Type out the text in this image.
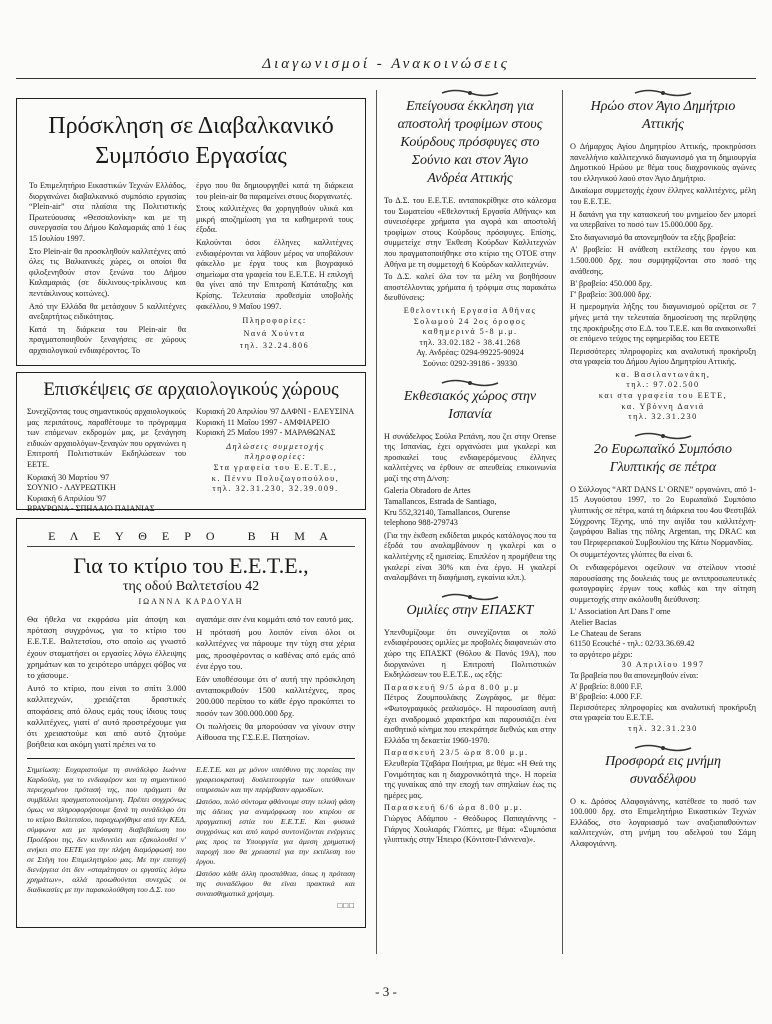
Διαγωνισμοί - Ανακοινώσεις

Πρόσκληση σε Διαβαλκανικό

Συμπόσιο Εργασίας

Το Επιμελητήριο Εικαστικών Τεχνών Ελλάδος, διοργανώνει διαβαλκανικό συμπόσιο εργασίας “Plein-air” στα πλαίσια της Πολιτιστικής Πρωτεύουσας «Θεσσαλονίκη» και με τη συνεργασία του Δήμου Καλαμαριάς από 1 έως 15 Ιουλίου 1997.

Στο Plein-air θα προσκληθούν καλλιτέχνες από όλες τις Βαλκανικές χώρες, οι οποίοι θα φιλοξενηθούν στον ξενώνα του Δήμου Καλαμαριάς (σε δίκλινους-τρίκλινους και πεντάκλινους κοιτώνες).

Από την Ελλάδα θα μετάσχουν 5 καλλιτέχνες ανεξαρτήτως ειδικότητας.

Κατά τη διάρκεια του Plein-air θα πραγματοποιηθούν ξεναγήσεις σε χώρους αρχαιολογικού ενδιαφέροντος. Το

έργο που θα δημιουργηθεί κατά τη διάρκεια του plein-air θα παραμείνει στους διοργανωτές.

Στους καλλιτέχνες θα χορηγηθούν υλικά και μικρή αποζημίωση για τα καθημερινά τους έξοδα.

Καλούνται όσοι έλληνες καλλιτέχνες ενδιαφέρονται να λάβουν μέρος να υποβάλουν φάκελλο με έργα τους και βιογραφικό σημείωμα στα γραφεία του Ε.Ε.Τ.Ε. Η επιλογή θα γίνει από την Επιτροπή Κατάταξης και Κρίσης. Τελευταία προθεσμία υποβολής φακέλλου, 9 Μαΐου 1997.

Πληροφορίες:

Νανά Χούντα

τηλ. 32.24.806

Επισκέψεις σε αρχαιολογικούς χώρους

Συνεχίζοντας τους σημαντικούς αρχαιολογικούς μας περιπάτους, παραθέτουμε το πρόγραμμα των επόμενων εκδρομών μας, με ξενάγηση ειδικών αρχαιολόγων-ξεναγών που οργανώνει η Επιτροπή Πολιτιστικών Εκδηλώσεων του ΕΕΤΕ.

Κυριακή 30 Μαρτίου '97

ΣΟΥΝΙΟ - ΛΑΥΡΕΩΤΙΚΗ

Κυριακή 6 Απριλίου '97

ΒΡΑΥΡΩΝΑ - ΣΠΗΛΑΙΟ ΠΑΙΑΝΙΑΣ

Κυριακή 20 Απριλίου '97 ΔΑΦΝΙ - ΕΛΕΥΣΙΝΑ

Κυριακή 11 Μαΐου 1997 - ΑΜΦΙΑΡΕΙΟ

Κυριακή 25 Μαΐου 1997 - ΜΑΡΑΘΩΝΑΣ

Δηλώσεις συμμετοχής

πληροφορίες:

Στα γραφεία του Ε.Ε.Τ.Ε.,

κ. Πέννυ Πολυζωγοπούλου,

τηλ. 32.31.230, 32.39.009.

Ε Λ Ε Υ Θ Ε Ρ Ο   Β Η Μ Α

Για το κτίριο του Ε.Ε.Τ.Ε.,

της οδού Βαλτετσίου 42

ΙΩΑΝΝΑ ΚΑΡΔΟΥΛΗ

Θα ήθελα να εκφράσω μία άποψη και πρόταση συγχρόνως, για το κτίριο του Ε.Ε.Τ.Ε. Βαλτετσίου, στο οποίο ως γνωστό έχουν σταματήσει οι εργασίες λόγω έλλειψης χρημάτων και το χειρότερο υπάρχει φόβος να το χάσουμε.

Αυτό το κτίριο, που είναι το σπίτι 3.000 καλλιτεχνών, χρειάζεται δραστικές αποφάσεις από όλους εμάς τους ίδιους τους καλλιτέχνες, γιατί σ' αυτό προστρέχουμε για ότι χρειαστούμε και από αυτό ζητούμε βοήθεια και ακόμη γιατί πρέπει να το

αγαπάμε σαν ένα κομμάτι από τον εαυτό μας.

Η πρότασή μου λοιπόν είναι όλοι οι καλλιτέχνες να πάρουμε την τύχη στα χέρια μας, προσφέροντας ο καθένας από εμάς από ένα έργο του.

Εάν υποθέσουμε ότι σ' αυτή την πρόσκληση ανταποκριθούν 1500 καλλιτέχνες, προς 200.000 περίπου το κάθε έργο προκύπτει το ποσόν των 300.000.000 δρχ.

Οι πωλήσεις θα μπορούσαν να γίνουν στην Αίθουσα της Γ.Σ.Ε.Ε. Πατησίων.

Σημείωση: Ευχαριστούμε τη συνάδελφο Ιωάννα Καρδούλη, για το ενδιαφέρον και τη σημαντικού περιεχομένου πρότασή της, που πράγματι θα συμβάλλει πραγματοποιούμενη. Πρέπει συγχρόνως όμως να πληροφορήσουμε ξανά τη συνάδελφο ότι το κτίριο Βαλτετσίου, παραχωρήθηκε από την ΚΕΔ, σύμφωνα και με πρόσφατη διαβεβαίωση του Προέδρου της, δεν κινδυνεύει και εξακολουθεί ν' ανήκει στο ΕΕΤΕ για την πλήρη διαμόρφωσή του σε Στέγη του Επιμελητηρίου μας. Με την επιτυχή διενέργεια ότι δεν «σταμάτησαν οι εργασίες λόγω χρημάτων», αλλά προωθούνται συνεχώς οι διαδικασίες με την παρακολούθηση του Δ.Σ. του

Ε.Ε.Τ.Ε. και με μόνον υπεύθυνο της πορείας την γραφειοκρατική δυσλειτουργία των υπεύθυνων υπηρεσιών και την περίμβασιν αρμοδίων.

Ωστόσο, πολύ σύντομα φθάνουμε στην τελική φάση της άδειας για αναμόρφωση του κτιρίου σε πραγματική εστία του Ε.Ε.Τ.Ε. Και φυσικά συγχρόνως και από καιρό συντονίζονται ενέργειες μας προς τα Υπουργεία για άμεση χρηματική παροχή που θα χρειαστεί για την εκτέλεση του έργου.

Ωστόσο κάθε άλλη προσπάθεια, όπως η πρόταση της συναδέλφου θα είναι πρακτικά και συναισθηματικά χρήσιμη.

□□□

Επείγουσα έκκληση για

αποστολή τροφίμων στους

Κούρδους πρόσφυγες στο

Σούνιο και στον Άγιο

Ανδρέα Αττικής

Το Δ.Σ. του Ε.Ε.Τ.Ε. ανταποκρίθηκε στο κάλεσμα του Σωματείου «Εθελοντική Εργασία Αθήνας» και συνεισέφερε χρήματα για αγορά και αποστολή τροφίμων στους Κούρδους πρόσφυγες. Επίσης, συμμετείχε στην Έκθεση Κούρδων Καλλιτεχνών που πραγματοποιήθηκε στο κτίριο της ΟΤΟΕ στην Αθήνα με τη συμμετοχή 6 Κούρδων καλλιτεχνών.

Το Δ.Σ. καλεί όλα τον τα μέλη να βοηθήσουν αποστέλλοντας χρήματα ή τρόφιμα στις παρακάτω διευθύνσεις:

Εθελοντική Εργασία Αθήνας

Σολωμού 24 2ος όροφος

καθημερινά 5-8 μ.μ.

τηλ. 33.02.182 - 38.41.268

Αγ. Ανδρέας: 0294-99225-90924

Σούνιο: 0292-39186 - 39330

Εκθεσιακός χώρος στην

Ισπανία

Η συνάδελφος Σούλα Ρεπάνη, που ζει στην Orense της Ισπανίας, έχει οργανώσει μια γκαλερί και προσκαλεί τους ενδιαφερόμενους έλληνες καλλιτέχνες να έρθουν σε απευθείας επικοινωνία μαζί της στη Δ/νση:

Galeria Obradoro de Artes

Tamallancos, Estrada de Santiago,

Kru 552,32140, Tamallancos, Ourense

telephono 988-279743

(Για την έκθεση εκδίδεται μικρός κατάλογος που τα έξοδά του αναλαμβάνουν η γκαλερί και ο καλλιτέχνης εξ ημισείας. Επιπλέον η προμήθεια της γκαλερί είναι 30% και ένα έργο. Η γκαλερί αναλαμβάνει τη διαφήμιση, εγκαίνια κλπ.).

Ομιλίες στην ΕΠΑΣΚΤ

Υπενθυμίζουμε ότι συνεχίζονται οι πολύ ενδιαφέρουσες ομιλίες με προβολές διαφανειών στο χώρο της ΕΠΑΣΚΤ (Θόλου & Πανός 19Α), που διοργανώνει η Επιτροπή Πολιτιστικών Εκδηλώσεων του Ε.Ε.Τ.Ε., ως εξής:

Παρασκευή 9/5 ώρα 8.00 μ.μ

Πέτρος Ζουμπουλάκης Ζωγράφος, με θέμα: «Φωτογραφικός ρεαλισμός». Η παρουσίαση αυτή έχει αναδρομικό χαρακτήρα και παρουσιάζει ένα αισθητικό κίνημα που επεκράτησε διεθνώς και στην Ελλάδα τη δεκαετία 1960-1970.

Παρασκευή 23/5 ώρα 8.00 μ.μ.

Ελευθερία Τζαβάρα Ποιήτρια, με θέμα: «Η Θεά της Γονιμότητας και η διαχρονικότητά της». Η πορεία της γυναίκας από την εποχή των σπηλαίων έως τις ημέρες μας.

Παρασκευή 6/6 ώρα 8.00 μ.μ.

Γιώργος Αδάμπου - Θεόδωρος Παπαγιάννης - Γιάργος Χουλιαράς Γλύπτες, με θέμα: «Συμπόσια γλυπτικής στην Ήπειρο (Κόνιτσα-Γιάννενα)».

Ηρώο στον Άγιο Δημήτριο

Αττικής

Ο Δήμαρχος Αγίου Δημητρίου Αττικής, προκηρύσσει πανελλήνιο καλλιτεχνικό διαγωνισμό για τη δημιουργία Δημοτικού Ηρώου με θέμα τους διαχρονικούς αγώνες του ελληνικού λαού στον Άγιο Δημήτριο.

Δικαίωμα συμμετοχής έχουν έλληνες καλλιτέχνες, μέλη του Ε.Ε.Τ.Ε.

Η δαπάνη για την κατασκευή του μνημείου δεν μπορεί να υπερβαίνει το ποσό των 15.000.000 δρχ.

Στο διαγωνισμό θα απονεμηθούν τα εξής βραβεία:

Α' βραβείο: Η ανάθεση εκτέλεσης του έργου και 1.500.000 δρχ. που συμψηφίζονται στο ποσό της ανάθεσης.

Β' βραβείο: 450.000 δρχ.

Γ' βραβείο: 300.000 δρχ.

Η ημερομηνία λήξης του διαγωνισμού ορίζεται σε 7 μήνες μετά την τελευταία δημοσίευση της περίληψης της προκήρυξης στο Ε.Δ. του Τ.Ε.Ε. και θα ανακοινωθεί σε επόμενο τεύχος της εφημερίδας του ΕΕΤΕ

Περισσότερες πληροφορίες και αναλυτική προκήρυξη στα γραφεία του Δήμου Αγίου Δημητρίου Αττικής.

κα. Βασιλαντωνάκη,

τηλ.: 97.02.500

και στα γραφεία του ΕΕΤΕ,

κα. Υβόννη Δανιά

τηλ. 32.31.230

2ο Ευρωπαϊκό Συμπόσιο

Γλυπτικής σε πέτρα

Ο Σύλλογος “ART DANS L' ORNE” οργανώνει, από 1-15 Αυγούστου 1997, το 2ο Ευρωπαϊκό Συμπόσιο γλυπτικής σε πέτρα, κατά τη διάρκεια του 4ου Φεστιβάλ Σύγχρονης Τέχνης, υπό την αιγίδα του καλλιτέχνη-ζωγράφου Balias της πόλης Argentan, της DRAC και του Περιφερειακού Συμβουλίου της Κάτω Νορμανδίας.

Οι συμμετέχοντες γλύπτες θα είναι 6.

Οι ενδιαφερόμενοι οφείλουν να στείλουν ντοσιέ παρουσίασης της δουλειάς τους με αντιπροσωπευτικές φωτογραφίες έργων τους καθώς και την αίτηση συμμετοχής στην ακόλουθη διεύθυνση:

L' Association Art Dans l' orne

Atelier Bacias

Le Chateau de Serans

61150 Ecouché - τηλ.: 02/33.36.69.42

το αργότερο μέχρι:

30 Απριλίου 1997

Τα βραβεία που θα απονεμηθούν είναι:

Α' βραβείο: 8.000 F.F.

Β' βραβείο: 4.000 F.F.

Περισσότερες πληροφορίες και αναλυτική προκήρυξη στα γραφεία του Ε.Ε.Τ.Ε.

τηλ. 32.31.230

Προσφορά εις μνήμη

συναδέλφου

Ο κ. Δρόσος Αλαφογιάννης, κατέθεσε το ποσό των 100.000 δρχ. στο Επιμελητήριο Εικαστικών Τεχνών Ελλάδος, στο λογαριασμό των αναξιοπαθούντων καλλιτεχνών, στη μνήμη του αδελφού του Σάμη Αλαφογιάννη.

- 3 -
